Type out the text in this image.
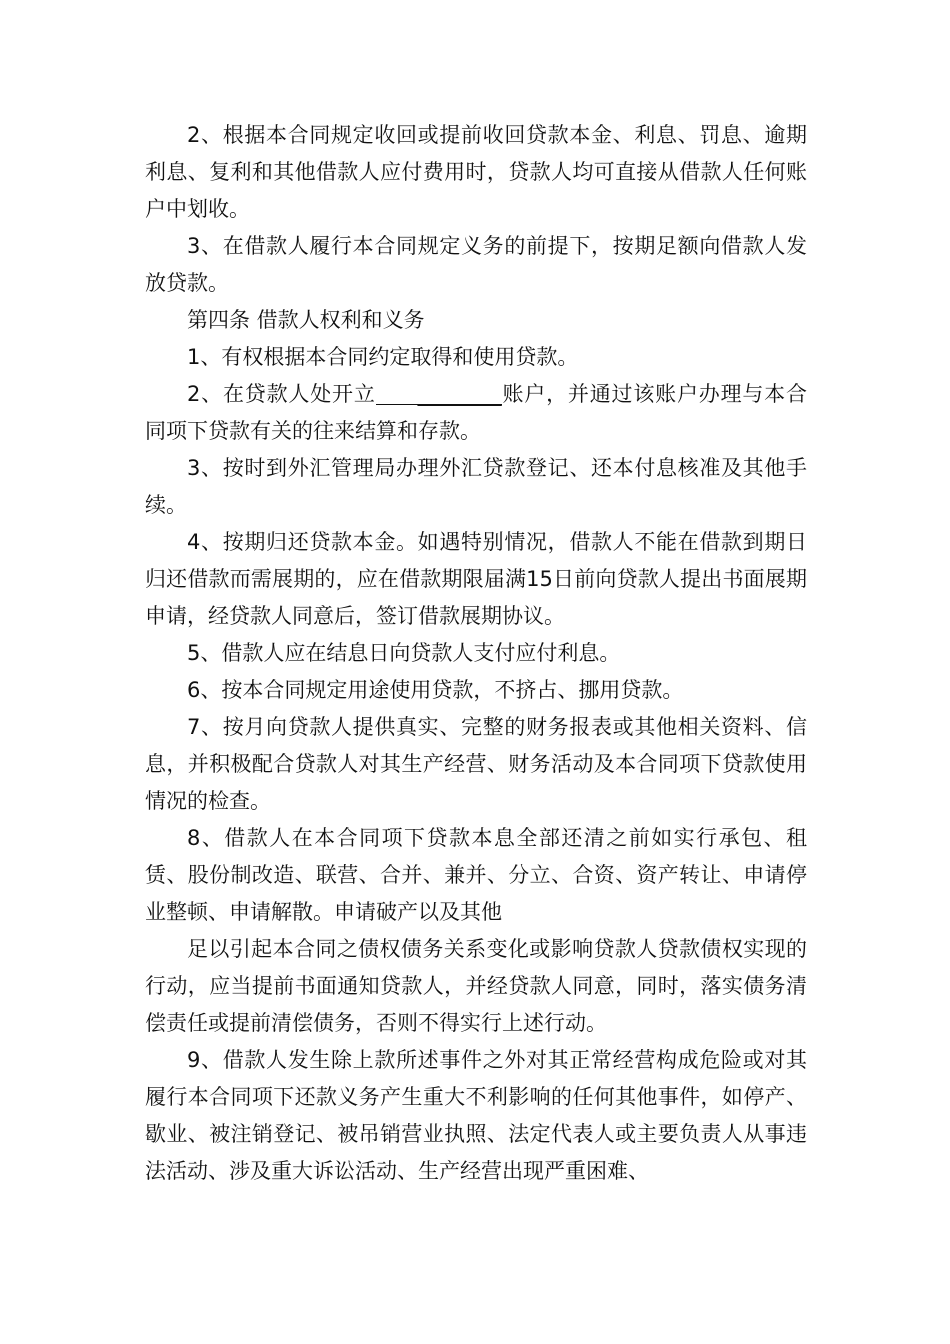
2、根据本合同规定收回或提前收回贷款本金、利息、罚息、逾期利息、复利和其他借款人应付费用时，贷款人均可直接从借款人任何账户中划收。

3、在借款人履行本合同规定义务的前提下，按期足额向借款人发放贷款。

第四条 借款人权利和义务

1、有权根据本合同约定取得和使用贷款。

2、在贷款人处开立 ________账户，并通过该账户办理与本合同项下贷款有关的往来结算和存款。

3、按时到外汇管理局办理外汇贷款登记、还本付息核准及其他手续。

4、按期归还贷款本金。如遇特别情况，借款人不能在借款到期日归还借款而需展期的，应在借款期限届满15日前向贷款人提出书面展期申请，经贷款人同意后，签订借款展期协议。

5、借款人应在结息日向贷款人支付应付利息。

6、按本合同规定用途使用贷款，不挤占、挪用贷款。

7、按月向贷款人提供真实、完整的财务报表或其他相关资料、信息，并积极配合贷款人对其生产经营、财务活动及本合同项下贷款使用情况的检查。

8、借款人在本合同项下贷款本息全部还清之前如实行承包、租赁、股份制改造、联营、合并、兼并、分立、合资、资产转让、申请停业整顿、申请解散。申请破产以及其他

足以引起本合同之债权债务关系变化或影响贷款人贷款债权实现的行动，应当提前书面通知贷款人，并经贷款人同意，同时，落实债务清偿责任或提前清偿债务，否则不得实行上述行动。

9、借款人发生除上款所述事件之外对其正常经营构成危险或对其履行本合同项下还款义务产生重大不利影响的任何其他事件，如停产、歇业、被注销登记、被吊销营业执照、法定代表人或主要负责人从事违法活动、涉及重大诉讼活动、生产经营出现严重困难、
